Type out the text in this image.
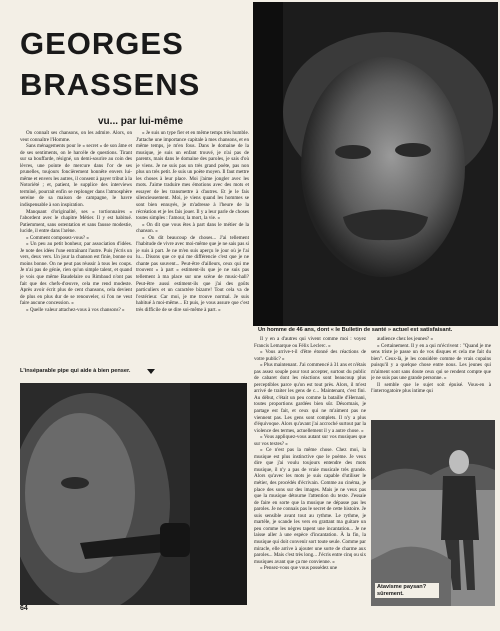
GEORGES
BRASSENS
vu... par lui-même
Un homme de 46 ans, dont « le Bulletin de santé » actuel est satisfaisant.

On connaît ses chansons, on les admire. Alors, on veut connaître l'Homme.

Sans ménagements pour le « secret » de son âme et de ses sentiments, on le harcèle de questions. Tirant sur sa bouffarde, résigné, un demi-sourire au coin des lèvres, une pointe de mercure dans l'or de ses prunelles, toujours foncièrement honnête envers lui-même et envers les autres, il consent à payer tribut à la Notoriété ; et, patient, le supplice des interviews terminé, pourrait enfin se replonger dans l'atmosphère sereine de sa maison de campagne, le havre indispensable à son inspiration.

Manquant d'originalité, ses « tortionnaires » l'abordent avec le chapitre Métier. Il y est habitué. Patiemment, sans ostentation et sans fausse modestie, lucide, il entre dans l'arène.

« Comment composez-vous? »

« Un peu au petit bonheur, par association d'idées. Je note des idées l'une entraînant l'autre. Puis j'écris un vers, deux vers. Un jour la chanson est finie, bonne ou moins bonne. On ne peut pas réussir à tous les coups. Je n'ai pas de génie, rien qu'un simple talent, et quand je vois que même Baudelaire ou Rimbaud n'ont pas fait que des chefs-d'œuvre, cela me rend modeste. Après avoir écrit plus de cent chansons, cela devient de plus en plus dur de se renouveler, si l'on ne veut faire aucune concession. »

« Quelle valeur attachez-vous à vos chansons? »

« Je suis un type fier et en même temps très humble. J'attache une importance capitale à mes chansons, et en même temps, je m'en fous. Dans le domaine de la musique, je suis un enfant trouvé, je n'ai pas de parents, mais dans le domaine des paroles, je sais d'où je viens. Je ne suis pas un très grand poète, pas non plus un très petit. Je suis un poète moyen. Il faut mettre les choses à leur place. Moi j'aime jongler avec les mots. J'aime traduire mes émotions avec des mots et essayer de les transmettre à d'autres. Et je le fais silencieusement. Moi, je viens quand les hommes se sont bien ennuyés, je m'adresse à l'heure de la récréation et je les fais jouer. Il y a leur parle de choses toutes simples : l'amour, la mort, la vie. »

« On dit que vous êtes à part dans le métier de la chanson. »

« On dit beaucoup de choses... J'ai tellement l'habitude de vivre avec moi-même que je ne sais pas si je suis à part. Je ne m'en suis aperçu le jour où je l'ai lu... Disons que ce qui me différencie c'est que je ne chante pas souvent... Peut-être d'ailleurs, ceux qui me trouvent « à part » estiment-ils que je ne suis pas tellement à ma place sur une scène de music-hall? Peut-être aussi estiment-ils que j'ai des goûts particuliers et un caractère bizarre! Tout cela va de l'extérieur. Car moi, je me trouve normal. Je suis habitué à moi-même... Et puis, je vous assure que c'est très difficile de se dire soi-même à part. »

L'inséparable pipe qui aide à bien penser.

Il y en a d'autres qui vivent comme moi : voyez Francis Lemarque ou Félix Leclerc. »

« Vous arrive-t-il d'être étonné des réactions de votre public? »

« Plus maintenant. J'ai commencé à 31 ans et n'étais pas assez souple pour tout accepter, surtout du public de cabaret dont les réactions sont beaucoup plus perceptibles parce qu'on est tout près. Alors, il m'est arrivé de traiter les gens de c... Maintenant, c'est fini. Au début, c'était un peu comme la bataille d'Hernani, toutes proportions gardées bien sûr. Désormais, je partage est fait, et ceux qui ne m'aiment pas ne viennent pas. Les gens sont complets. Il n'y a plus d'équivoque. Alors qu'avant j'ai accroché surtout par la violence des termes, actuellement il y a autre chose. »

« Vous appliquez-vous autant sur vos musiques que sur vos textes? »

« Ce n'est pas la même chose. Chez moi, la musique est plus instinctive que le poème. Je veux dire que j'ai voulu toujours entendre des mots musique, il n'y a pas de vraie musicale très grande. Alors qu'avec les mots je suis capable d'utiliser le métier, des procédés d'écrivain. Comme au cinéma, je place des sons sur des images. Mais je ne veux pas que la musique détourne l'attention du texte. J'essaie de faire en sorte que la musique ne dépasse pas les paroles. Je ne connais pas le secret de cette histoire. Je suis sensible avant tout au rythme. Le rythme, je martèle, je scande les vers en grattant ma guitare un peu comme les nègres tapent une incantation... Je ne laisse aller à une espèce d'incantation. À la fin, la musique qui doit convenir sort toute seule. Comme par miracle, elle arrive à ajouter une sorte de charme aux paroles... Mais c'est très long... J'écris entre cinq ou six musiques avant que ça me convienne. »

« Pensez-vous que vous possédez une

audience chez les jeunes? »

« Certainement. Il y en a qui m'écrivent : "Quand je me sens triste je passe un de vos disques et cela me fait du bien". Ceux-là, je les considère comme de vrais copains puisqu'il y a quelque chose entre nous. Les jeunes qui m'aiment sont sans doute ceux qui se rendent compte que je ne suis pas une grande personne. »

Il semble que le sujet soit épuisé. Vous-en à l'interrogatoire plus intime qui

Atavisme paysan? sûrement.
64
